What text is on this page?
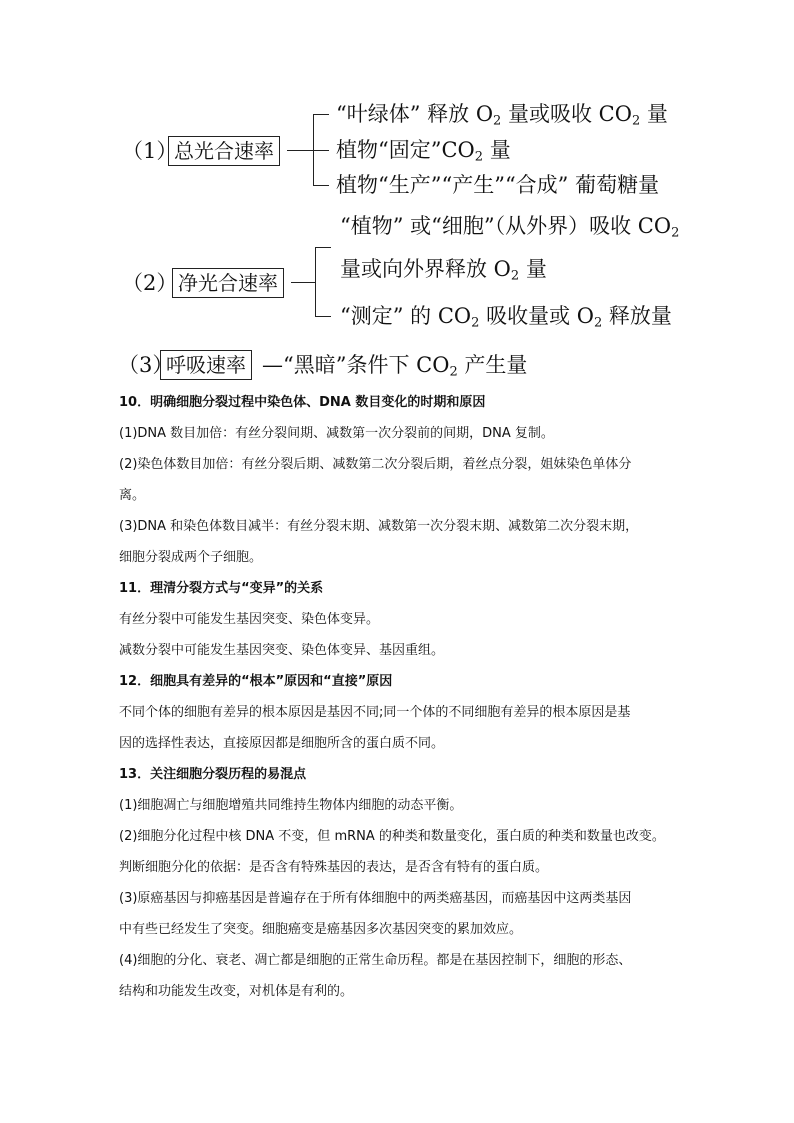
（1）
总光合速率
“叶绿体” 释放 $O_2$ 量或吸收 $CO_2$ 量
植物“固定$”CO_2$ 量
植物“生产”“产生”“合成” 葡萄糖量
（2） 净光合速率
“植物” 或“细胞”（从外界）吸收 $CO_2$
量或向外界释放 $O_2$ 量
“测定” 的 $CO_2$ 吸收量或 $O_2$ 释放量
（3）
呼吸速率 —“黑暗”条件下 $CO_2$ 产生量
10．明确细胞分裂过程中染色体、DNA 数目变化的时期和原因
(1)DNA 数目加倍：有丝分裂间期、减数第一次分裂前的间期，DNA 复制。
(2)染色体数目加倍：有丝分裂后期、减数第二次分裂后期，着丝点分裂，姐妹染色单体分
离。
(3)DNA 和染色体数目减半：有丝分裂末期、减数第一次分裂末期、减数第二次分裂末期，
细胞分裂成两个子细胞。
11．理清分裂方式与“变异”的关系
有丝分裂中可能发生基因突变、染色体变异。
减数分裂中可能发生基因突变、染色体变异、基因重组。
12．细胞具有差异的“根本”原因和“直接”原因
不同个体的细胞有差异的根本原因是基因不同;同一个体的不同细胞有差异的根本原因是基
因的选择性表达，直接原因都是细胞所含的蛋白质不同。
13．关注细胞分裂历程的易混点
(1)细胞凋亡与细胞增殖共同维持生物体内细胞的动态平衡。
(2)细胞分化过程中核 DNA 不变，但 mRNA 的种类和数量变化，蛋白质的种类和数量也改变。
判断细胞分化的依据：是否含有特殊基因的表达，是否含有特有的蛋白质。
(3)原癌基因与抑癌基因是普遍存在于所有体细胞中的两类癌基因，而癌基因中这两类基因
中有些已经发生了突变。细胞癌变是癌基因多次基因突变的累加效应。
(4)细胞的分化、衰老、凋亡都是细胞的正常生命历程。都是在基因控制下，细胞的形态、
结构和功能发生改变，对机体是有利的。
